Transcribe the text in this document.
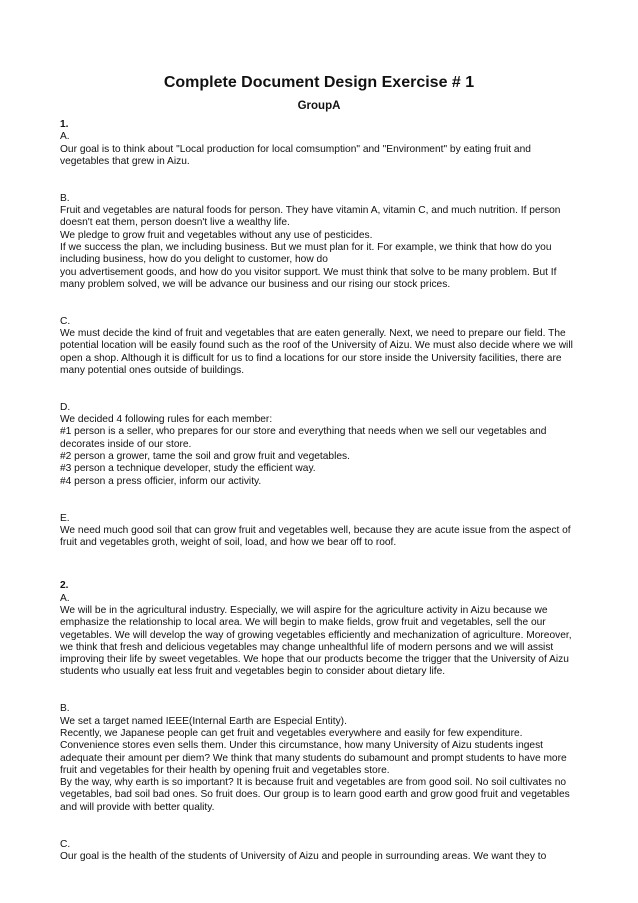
Complete Document Design Exercise # 1
GroupA
1.
A.
Our goal is to think about "Local production for local comsumption" and "Environment" by eating fruit and vegetables that grew in Aizu.
B.
Fruit and vegetables are natural foods for person. They have vitamin A, vitamin C, and much nutrition. If person doesn't eat them, person doesn't live a wealthy life.
We pledge to grow fruit and vegetables without any use of pesticides.
If we success the plan, we including business. But we must plan for it. For example, we think that how do you including business, how do you delight to customer, how do
you advertisement goods, and how do you visitor support. We must think that solve to be many problem. But If many problem solved, we will be advance our business and our rising our stock prices.
C.
We must decide the kind of fruit and vegetables that are eaten generally. Next, we need to prepare our field. The potential location will be easily found such as the roof of the University of Aizu. We must also decide where we will open a shop. Although it is difficult for us to find a locations for our store inside the University facilities, there are many potential ones outside of buildings.
D.
We decided 4 following rules for each member:
#1 person is a seller, who prepares for our store and everything that needs when we sell our vegetables and decorates inside of our store.
#2 person a grower, tame the soil and grow fruit and vegetables.
#3 person a technique developer, study the efficient way.
#4 person a press officier, inform our activity.
E.
We need much good soil that can grow fruit and vegetables well, because they are acute issue from the aspect of fruit and vegetables groth, weight of soil, load, and how we bear off to roof.
2.
A.
We will be in the agricultural industry. Especially, we will aspire for the agriculture activity in Aizu because we emphasize the relationship to local area. We will begin to make fields, grow fruit and vegetables, sell the our vegetables. We will develop the way of growing vegetables efficiently and mechanization of agriculture. Moreover, we think that fresh and delicious vegetables may change unhealthful life of modern persons and we will assist improving their life by sweet vegetables. We hope that our products become the trigger that the University of Aizu students who usually eat less fruit and vegetables begin to consider about dietary life.
B.
We set a target named IEEE(Internal Earth are Especial Entity).
Recently, we Japanese people can get fruit and vegetables everywhere and easily for few expenditure. Convenience stores even sells them. Under this circumstance, how many University of Aizu students ingest adequate their amount per diem? We think that many students do subamount and prompt students to have more fruit and vegetables for their health by opening fruit and vegetables store.
By the way, why earth is so important? It is because fruit and vegetables are from good soil. No soil cultivates no vegetables, bad soil bad ones. So fruit does. Our group is to learn good earth and grow good fruit and vegetables and will provide with better quality.
C.
Our goal is the health of the students of University of Aizu and people in surrounding areas. We want they to
